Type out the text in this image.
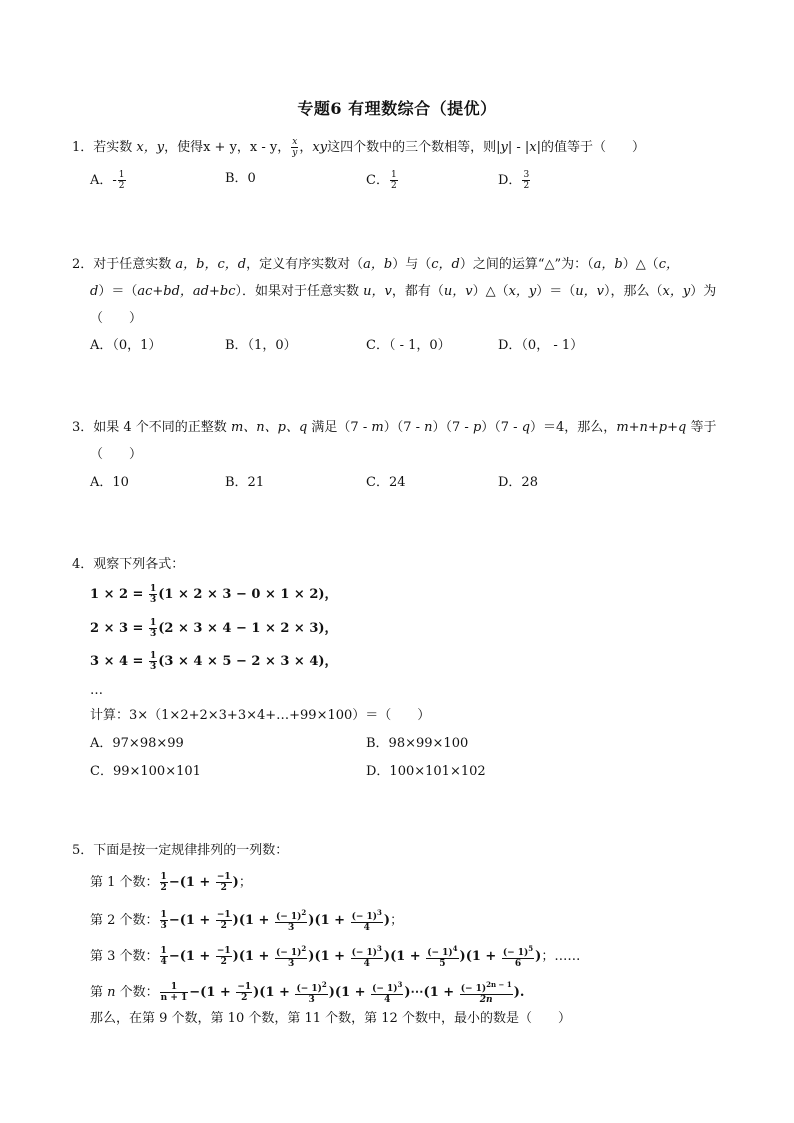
专题6 有理数综合（提优）
1．若实数 x，y，使得x + y，x - y， $\frac{x}{y}$ ，xy这四个数中的三个数相等，则|y| - |x|的值等于（　　）
A．- $\frac{1}{2}$	B．0	C． $\frac{1}{2}$	D． $\frac{3}{2}$
2．对于任意实数 a，b，c，d，定义有序实数对（a，b）与（c，d）之间的运算“△”为：（a，b）△（c，
d）＝（ac+bd，ad+bc）．如果对于任意实数 u，v，都有（u，v）△（x，y）＝（u，v），那么（x，y）为
（　　）
A．（0，1）	B．（1，0）	C．（ - 1，0）	D．（0， - 1）
3．如果 4 个不同的正整数 m、n、p、q 满足（7 - m）（7 - n）（7 - p）（7 - q）＝4，那么，m+n+p+q 等于
（　　）
A．10	B．21	C．24	D．28
4．观察下列各式：
$1 \times 2 = \frac{1}{3} (1 \times 2 \times 3 - 0 \times 1 \times 2)$，
$2 \times 3 = \frac{1}{3} (2 \times 3 \times 4 - 1 \times 2 \times 3)$，
$3 \times 4 = \frac{1}{3} (3 \times 4 \times 5 - 2 \times 3 \times 4)$，
…
计算：3×（1×2+2×3+3×4+…+99×100）＝（　　）
A．97×98×99	B．98×99×100
C．99×100×101	D．100×101×102
5．下面是按一定规律排列的一列数：
第 1 个数： $\frac{1}{2} -(1 + \frac{-1}{2}$ )；
第 2 个数： $\frac{1}{3} -(1 + \frac{-1}{2} )(1 + \frac{(- 1)^2}{3} )(1 + \frac{(- 1)^3}{4}$ )；
第 3 个数： $\frac{1}{4} -(1 + \frac{-1}{2} )(1 + \frac{(- 1)^2}{3} )(1 + \frac{(- 1)^3}{4} )(1 + \frac{(- 1)^4}{5} )(1 + \frac{(- 1)^5}{6}$ )；……
第 n 个数： $\frac{1}{n + 1} -(1 + \frac{-1}{2} )(1 + \frac{(- 1)^2}{3} )(1 + \frac{(- 1)^3}{4}$ )⋯(1 + $\frac{(- 1)^{2n - 1}}{2n}$ ).
那么，在第 9 个数，第 10 个数，第 11 个数，第 12 个数中，最小的数是（　　）
